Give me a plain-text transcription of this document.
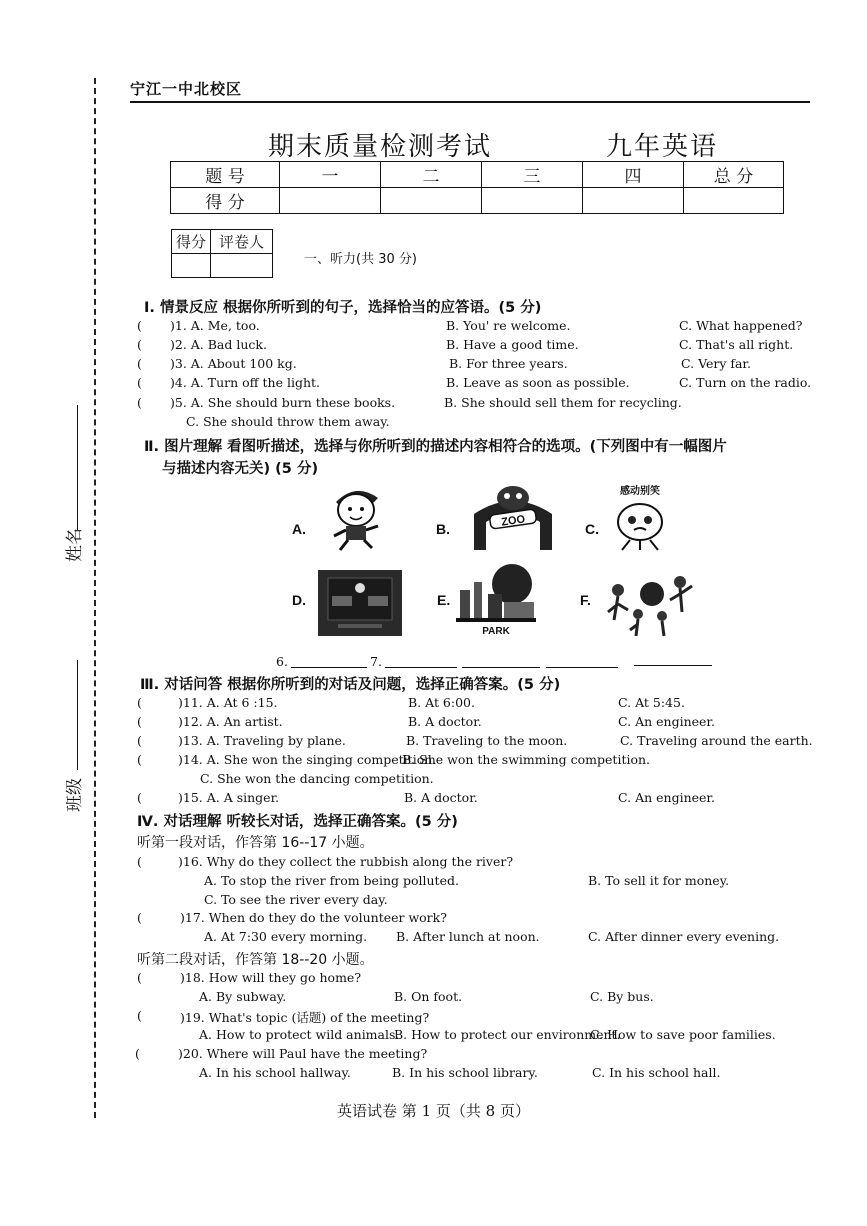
姓名
班级
宁江一中北校区
期末质量检测考试	九年英语
题 号	一	二	三	四	总 分
得 分					
得分	评卷人

一、听力(共 30 分)
Ⅰ. 情景反应 根据你所听到的句子，选择恰当的应答语。(5 分)
( )1. A. Me, too.	B. You' re welcome.	C. What happened?
( )2. A. Bad luck.	B. Have a good time.	C. That's all right.
( )3. A. About 100 kg.	B. For three years.	C. Very far.
( )4. A. Turn off the light.	B. Leave as soon as possible.	C. Turn on the radio.
( )5. A. She should burn these books.	B. She should sell them for recycling.
C. She should throw them away.
Ⅱ. 图片理解 看图听描述，选择与你所听到的描述内容相符合的选项。(下列图中有一幅图片
与描述内容无关) (5 分)
A.	B.
ZOO
C.
感动别笑
D.	E.
PARK
F.
6.	7.
Ⅲ. 对话问答 根据你所听到的对话及问题，选择正确答案。(5 分)
(	)11. A. At 6 :15.	B. At 6:00.	C. At 5:45.
(	)12. A. An artist.	B. A doctor.	C. An engineer.
(	)13. A. Traveling by plane.	B. Traveling to the moon.	C. Traveling around the earth.
(	)14. A. She won the singing competition.
B. She won the swimming competition.
C. She won the dancing competition.
(	)15. A. A singer.	B. A doctor.	C. An engineer.
Ⅳ. 对话理解 听较长对话，选择正确答案。(5 分)
听第一段对话，作答第 16--17 小题。
(	)16. Why do they collect the rubbish along the river?
A. To stop the river from being polluted.	B. To sell it for money.
C. To see the river every day.
(	)17. When do they do the volunteer work?
A. At 7:30 every morning. B. After lunch at noon.	C. After dinner every evening.
听第二段对话，作答第 18--20 小题。
(	)18. How will they go home?
A. By subway.	B. On foot.	C. By bus.
(	)19. What's topic (话题) of the meeting?
A. How to protect wild animals.
B. How to protect our environment.
C. How to save poor families.
(	)20. Where will Paul have the meeting?
A. In his school hallway.	B. In his school library.	C. In his school hall.
英语试卷 第 1 页（共 8 页）
